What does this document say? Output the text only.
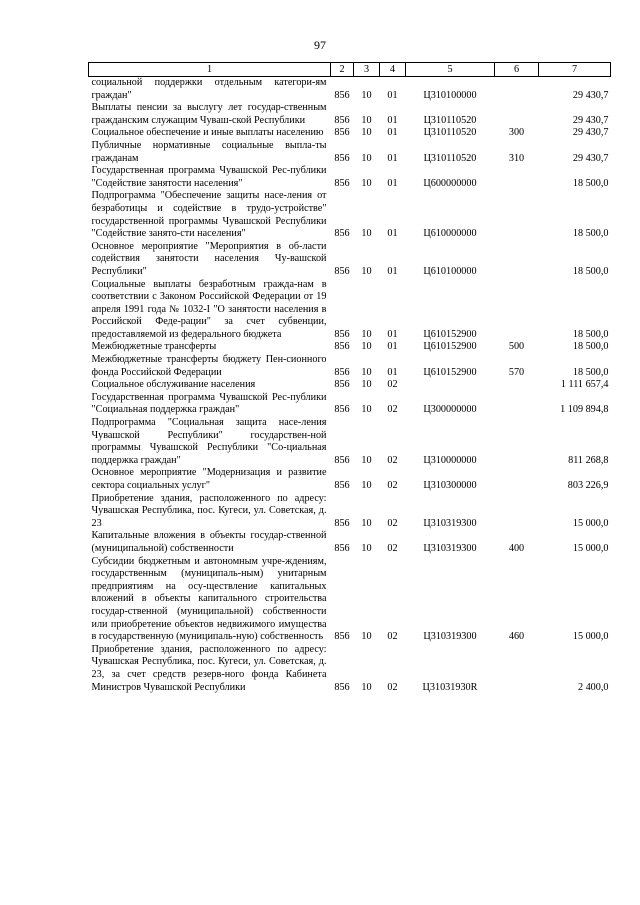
97
1	2	3	4	5	6	7
социальной поддержки отдельным категори-ям граждан"	856	10	01	Ц310100000		29 430,7
Выплаты пенсии за выслугу лет государ-ственным гражданским служащим Чуваш-ской Республики	856	10	01	Ц310110520		29 430,7
Социальное обеспечение и иные выплаты населению	856	10	01	Ц310110520	300	29 430,7
Публичные нормативные социальные выпла-ты гражданам	856	10	01	Ц310110520	310	29 430,7
Государственная программа Чувашской Рес-публики "Содействие занятости населения"	856	10	01	Ц600000000		18 500,0
Подпрограмма "Обеспечение защиты насе-ления от безработицы и содействие в трудо-устройстве" государственной программы Чувашской Республики "Содействие занято-сти населения"	856	10	01	Ц610000000		18 500,0
Основное мероприятие "Мероприятия в об-ласти содействия занятости населения Чу-вашской Республики"	856	10	01	Ц610100000		18 500,0
Социальные выплаты безработным гражда-нам в соответствии с Законом Российской Федерации от 19 апреля 1991 года № 1032-I "О занятости населения в Российской Феде-рации" за счет субвенции, предоставляемой из федерального бюджета	856	10	01	Ц610152900		18 500,0
Межбюджетные трансферты	856	10	01	Ц610152900	500	18 500,0
Межбюджетные трансферты бюджету Пен-сионного фонда Российской Федерации	856	10	01	Ц610152900	570	18 500,0
Социальное обслуживание населения	856	10	02			1 111 657,4
Государственная программа Чувашской Рес-публики "Социальная поддержка граждан"	856	10	02	Ц300000000		1 109 894,8
Подпрограмма "Социальная защита насе-ления Чувашской Республики" государствен-ной программы Чувашской Республики "Со-циальная поддержка граждан"	856	10	02	Ц310000000		811 268,8
Основное мероприятие "Модернизация и развитие сектора социальных услуг"	856	10	02	Ц310300000		803 226,9
Приобретение здания, расположенного по адресу: Чувашская Республика, пос. Кугеси, ул. Советская, д. 23	856	10	02	Ц310319300		15 000,0
Капитальные вложения в объекты государ-ственной (муниципальной) собственности	856	10	02	Ц310319300	400	15 000,0
Субсидии бюджетным и автономным учре-ждениям, государственным (муниципаль-ным) унитарным предприятиям на осу-ществление капитальных вложений в объекты капитального строительства государ-ственной (муниципальной) собственности или приобретение объектов недвижимого имущества в государственную (муниципаль-ную) собственность	856	10	02	Ц310319300	460	15 000,0
Приобретение здания, расположенного по адресу: Чувашская Республика, пос. Кугеси, ул. Советская, д. 23, за счет средств резерв-ного фонда Кабинета Министров Чувашской Республики	856	10	02	Ц31031930R		2 400,0
